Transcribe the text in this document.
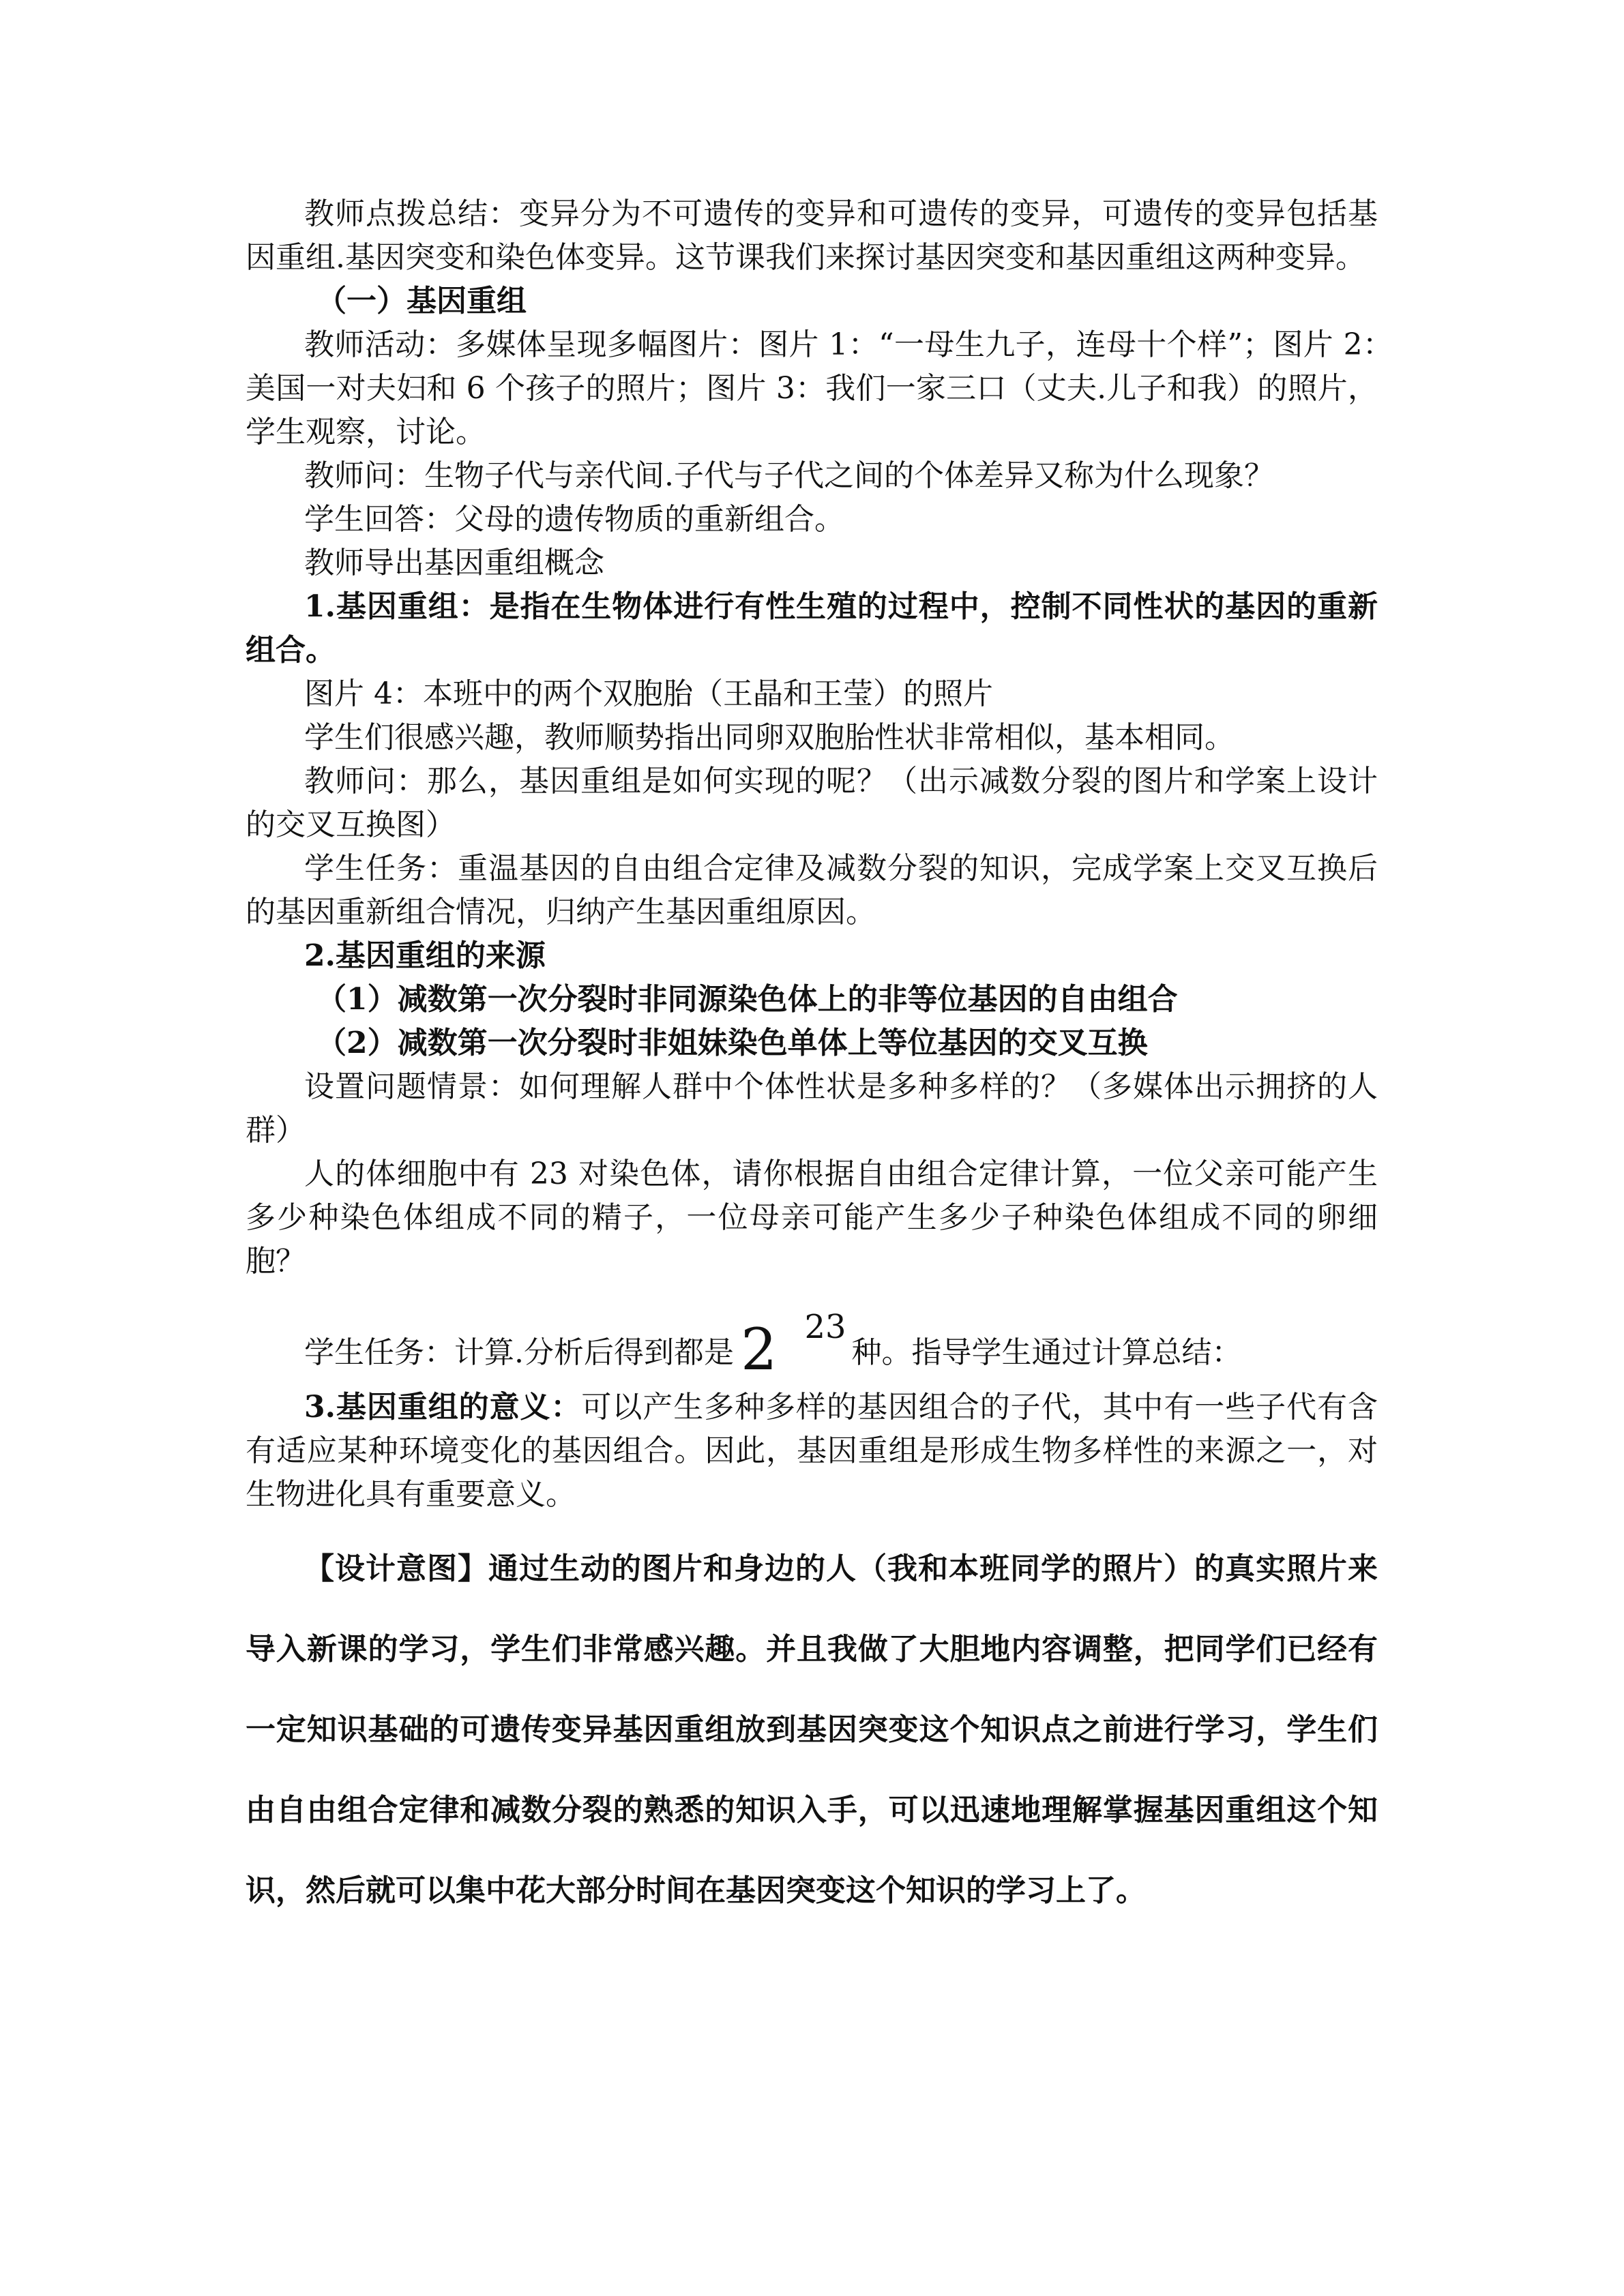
教师点拨总结：变异分为不可遗传的变异和可遗传的变异，可遗传的变异包括基因重组.基因突变和染色体变异。这节课我们来探讨基因突变和基因重组这两种变异。

（一）基因重组

教师活动：多媒体呈现多幅图片：图片 1：“一母生九子，连母十个样”；图片 2：　美国一对夫妇和 6 个孩子的照片；图片 3：我们一家三口（丈夫.儿子和我）的照片，学生观察，讨论。

教师问：生物子代与亲代间.子代与子代之间的个体差异又称为什么现象？

学生回答：父母的遗传物质的重新组合。

教师导出基因重组概念

1.基因重组：是指在生物体进行有性生殖的过程中，控制不同性状的基因的重新组合。

图片 4：本班中的两个双胞胎（王晶和王莹）的照片

学生们很感兴趣，教师顺势指出同卵双胞胎性状非常相似，基本相同。

教师问：那么，基因重组是如何实现的呢？（出示减数分裂的图片和学案上设计的交叉互换图）

学生任务：重温基因的自由组合定律及减数分裂的知识，完成学案上交叉互换后的基因重新组合情况，归纳产生基因重组原因。

2.基因重组的来源

（1）减数第一次分裂时非同源染色体上的非等位基因的自由组合

（2）减数第一次分裂时非姐妹染色单体上等位基因的交叉互换

设置问题情景：如何理解人群中个体性状是多种多样的？（多媒体出示拥挤的人群）

人的体细胞中有 23 对染色体，请你根据自由组合定律计算，一位父亲可能产生多少种染色体组成不同的精子，一位母亲可能产生多少子种染色体组成不同的卵细胞？

学生任务：计算.分析后得到都是 2 23种。指导学生通过计算总结：

3.基因重组的意义：可以产生多种多样的基因组合的子代，其中有一些子代有含有适应某种环境变化的基因组合。因此，基因重组是形成生物多样性的来源之一，对生物进化具有重要意义。

【设计意图】通过生动的图片和身边的人（我和本班同学的照片）的真实照片来导入新课的学习，学生们非常感兴趣。并且我做了大胆地内容调整，把同学们已经有一定知识基础的可遗传变异基因重组放到基因突变这个知识点之前进行学习，学生们由自由组合定律和减数分裂的熟悉的知识入手，可以迅速地理解掌握基因重组这个知识，然后就可以集中花大部分时间在基因突变这个知识的学习上了。
